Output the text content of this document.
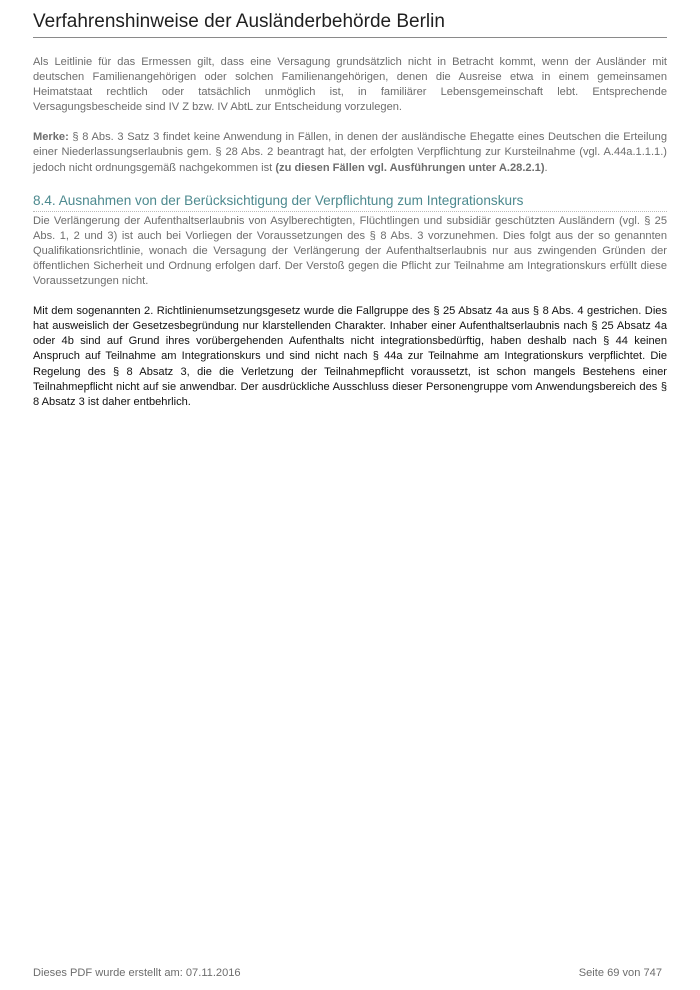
Verfahrenshinweise der Ausländerbehörde Berlin

Als Leitlinie für das Ermessen gilt, dass eine Versagung grundsätzlich nicht in Betracht kommt, wenn der Ausländer mit deutschen Familienangehörigen oder solchen Familienangehörigen, denen die Ausreise etwa in einem gemeinsamen Heimatstaat rechtlich oder tatsächlich unmöglich ist, in familiärer Lebensgemeinschaft lebt. Entsprechende Versagungsbescheide sind IV Z bzw. IV AbtL zur Entscheidung vorzulegen.

Merke: § 8 Abs. 3 Satz 3 findet keine Anwendung in Fällen, in denen der ausländische Ehegatte eines Deutschen die Erteilung einer Niederlassungserlaubnis gem. § 28 Abs. 2 beantragt hat, der erfolgten Verpflichtung zur Kursteilnahme (vgl. A.44a.1.1.1.) jedoch nicht ordnungsgemäß nachgekommen ist (zu diesen Fällen vgl. Ausführungen unter A.28.2.1).

8.4. Ausnahmen von der Berücksichtigung der Verpflichtung zum Integrationskurs

Die Verlängerung der Aufenthaltserlaubnis von Asylberechtigten, Flüchtlingen und subsidiär geschützten Ausländern (vgl. § 25 Abs. 1, 2 und 3) ist auch bei Vorliegen der Voraussetzungen des § 8 Abs. 3 vorzunehmen. Dies folgt aus der so genannten Qualifikationsrichtlinie, wonach die Versagung der Verlängerung der Aufenthaltserlaubnis nur aus zwingenden Gründen der öffentlichen Sicherheit und Ordnung erfolgen darf. Der Verstoß gegen die Pflicht zur Teilnahme am Integrationskurs erfüllt diese Voraussetzungen nicht.

Mit dem sogenannten 2. Richtlinienumsetzungsgesetz wurde die Fallgruppe des § 25 Absatz 4a aus § 8 Abs. 4 gestrichen. Dies hat ausweislich der Gesetzesbegründung nur klarstellenden Charakter. Inhaber einer Aufenthaltserlaubnis nach § 25 Absatz 4a oder 4b sind auf Grund ihres vorübergehenden Aufenthalts nicht integrationsbedürftig, haben deshalb nach § 44 keinen Anspruch auf Teilnahme am Integrationskurs und sind nicht nach § 44a zur Teilnahme am Integrationskurs verpflichtet. Die Regelung des § 8 Absatz 3, die die Verletzung der Teilnahmepflicht voraussetzt, ist schon mangels Bestehens einer Teilnahmepflicht nicht auf sie anwendbar. Der ausdrückliche Ausschluss dieser Personengruppe vom Anwendungsbereich des § 8 Absatz 3 ist daher entbehrlich.

Dieses PDF wurde erstellt am: 07.11.2016	Seite 69 von 747
